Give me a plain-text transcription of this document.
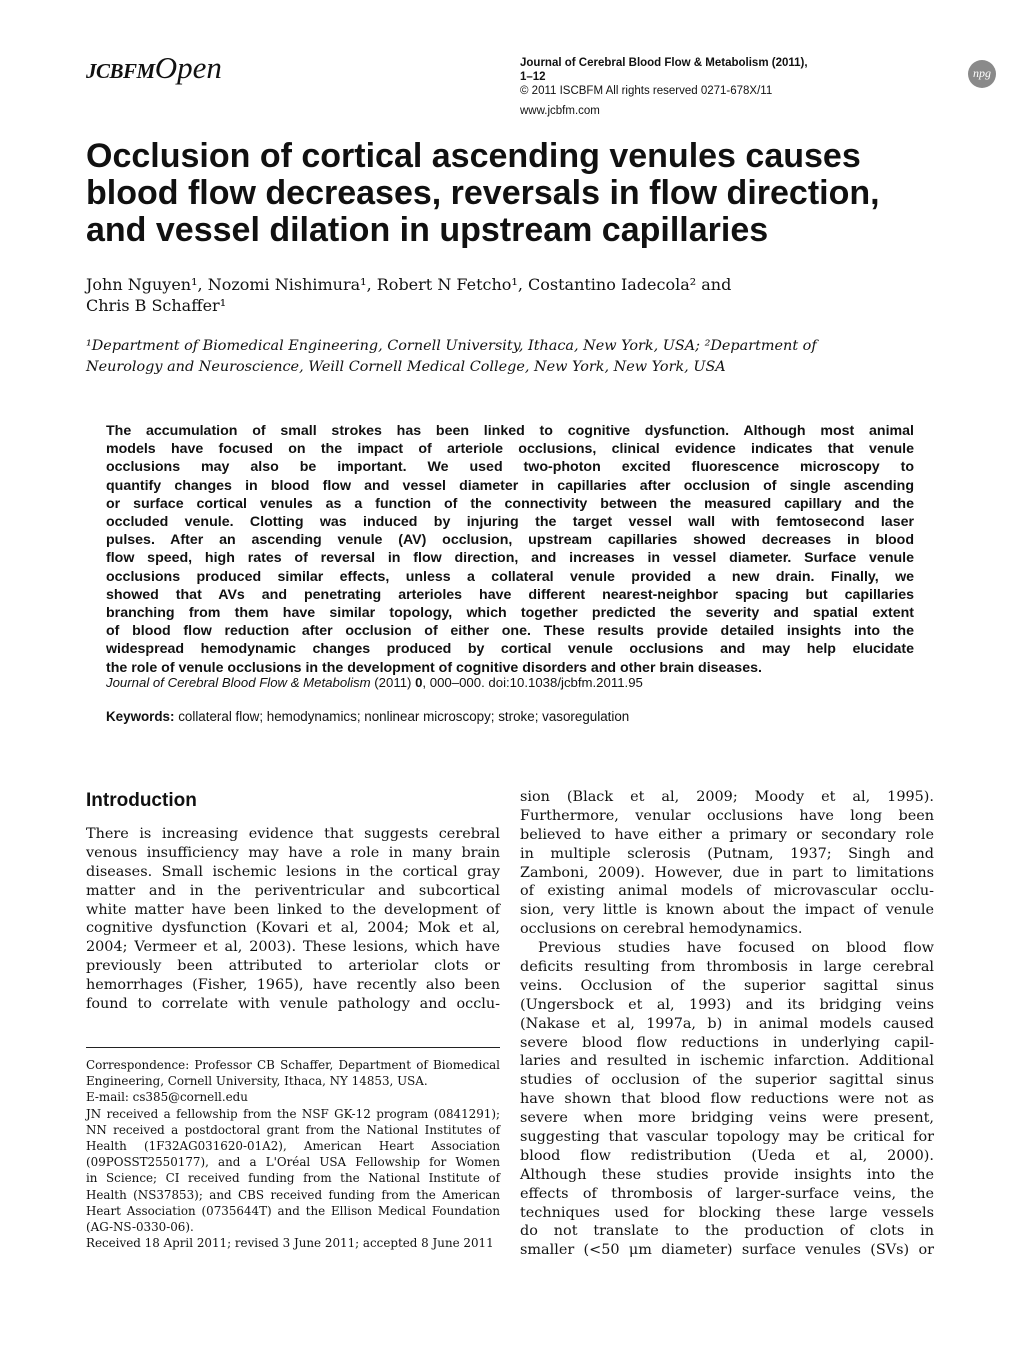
JCBFMOpen	Journal of Cerebral Blood Flow & Metabolism (2011), 1–12
© 2011 ISCBFM All rights reserved 0271-678X/11
www.jcbfm.com
npg
Occlusion of cortical ascending venules causes
blood flow decreases, reversals in flow direction,
and vessel dilation in upstream capillaries
John Nguyen¹, Nozomi Nishimura¹, Robert N Fetcho¹, Costantino Iadecola² and
Chris B Schaffer¹
¹Department of Biomedical Engineering, Cornell University, Ithaca, New York, USA; ²Department of
Neurology and Neuroscience, Weill Cornell Medical College, New York, New York, USA
The accumulation of small strokes has been linked to cognitive dysfunction. Although most animal
models have focused on the impact of arteriole occlusions, clinical evidence indicates that venule
occlusions may also be important. We used two-photon excited fluorescence microscopy to
quantify changes in blood flow and vessel diameter in capillaries after occlusion of single ascending
or surface cortical venules as a function of the connectivity between the measured capillary and the
occluded venule. Clotting was induced by injuring the target vessel wall with femtosecond laser
pulses. After an ascending venule (AV) occlusion, upstream capillaries showed decreases in blood
flow speed, high rates of reversal in flow direction, and increases in vessel diameter. Surface venule
occlusions produced similar effects, unless a collateral venule provided a new drain. Finally, we
showed that AVs and penetrating arterioles have different nearest-neighbor spacing but capillaries
branching from them have similar topology, which together predicted the severity and spatial extent
of blood flow reduction after occlusion of either one. These results provide detailed insights into the
widespread hemodynamic changes produced by cortical venule occlusions and may help elucidate
the role of venule occlusions in the development of cognitive disorders and other brain diseases.
Journal of Cerebral Blood Flow & Metabolism (2011) 0, 000–000. doi:10.1038/jcbfm.2011.95
Keywords: collateral flow; hemodynamics; nonlinear microscopy; stroke; vasoregulation
Introduction
There is increasing evidence that suggests cerebral
venous insufficiency may have a role in many brain
diseases. Small ischemic lesions in the cortical gray
matter and in the periventricular and subcortical
white matter have been linked to the development of
cognitive dysfunction (Kovari et al, 2004; Mok et al,
2004; Vermeer et al, 2003). These lesions, which have
previously been attributed to arteriolar clots or
hemorrhages (Fisher, 1965), have recently also been
found to correlate with venule pathology and occlu-
Correspondence: Professor CB Schaffer, Department of Biomedical
Engineering, Cornell University, Ithaca, NY 14853, USA.
E-mail: cs385@cornell.edu
JN received a fellowship from the NSF GK-12 program (0841291);
NN received a postdoctoral grant from the National Institutes of
Health (1F32AG031620-01A2), American Heart Association
(09POSST2550177), and a L'Oréal USA Fellowship for Women
in Science; CI received funding from the National Institute of
Health (NS37853); and CBS received funding from the American
Heart Association (0735644T) and the Ellison Medical Foundation
(AG-NS-0330-06).
Received 18 April 2011; revised 3 June 2011; accepted 8 June 2011
sion (Black et al, 2009; Moody et al, 1995).
Furthermore, venular occlusions have long been
believed to have either a primary or secondary role
in multiple sclerosis (Putnam, 1937; Singh and
Zamboni, 2009). However, due in part to limitations
of existing animal models of microvascular occlu-
sion, very little is known about the impact of venule
occlusions on cerebral hemodynamics.
Previous studies have focused on blood flow
deficits resulting from thrombosis in large cerebral
veins. Occlusion of the superior sagittal sinus
(Ungersbock et al, 1993) and its bridging veins
(Nakase et al, 1997a, b) in animal models caused
severe blood flow reductions in underlying capil-
laries and resulted in ischemic infarction. Additional
studies of occlusion of the superior sagittal sinus
have shown that blood flow reductions were not as
severe when more bridging veins were present,
suggesting that vascular topology may be critical for
blood flow redistribution (Ueda et al, 2000).
Although these studies provide insights into the
effects of thrombosis of larger-surface veins, the
techniques used for blocking these large vessels
do not translate to the production of clots in
smaller (<50 μm diameter) surface venules (SVs) or
